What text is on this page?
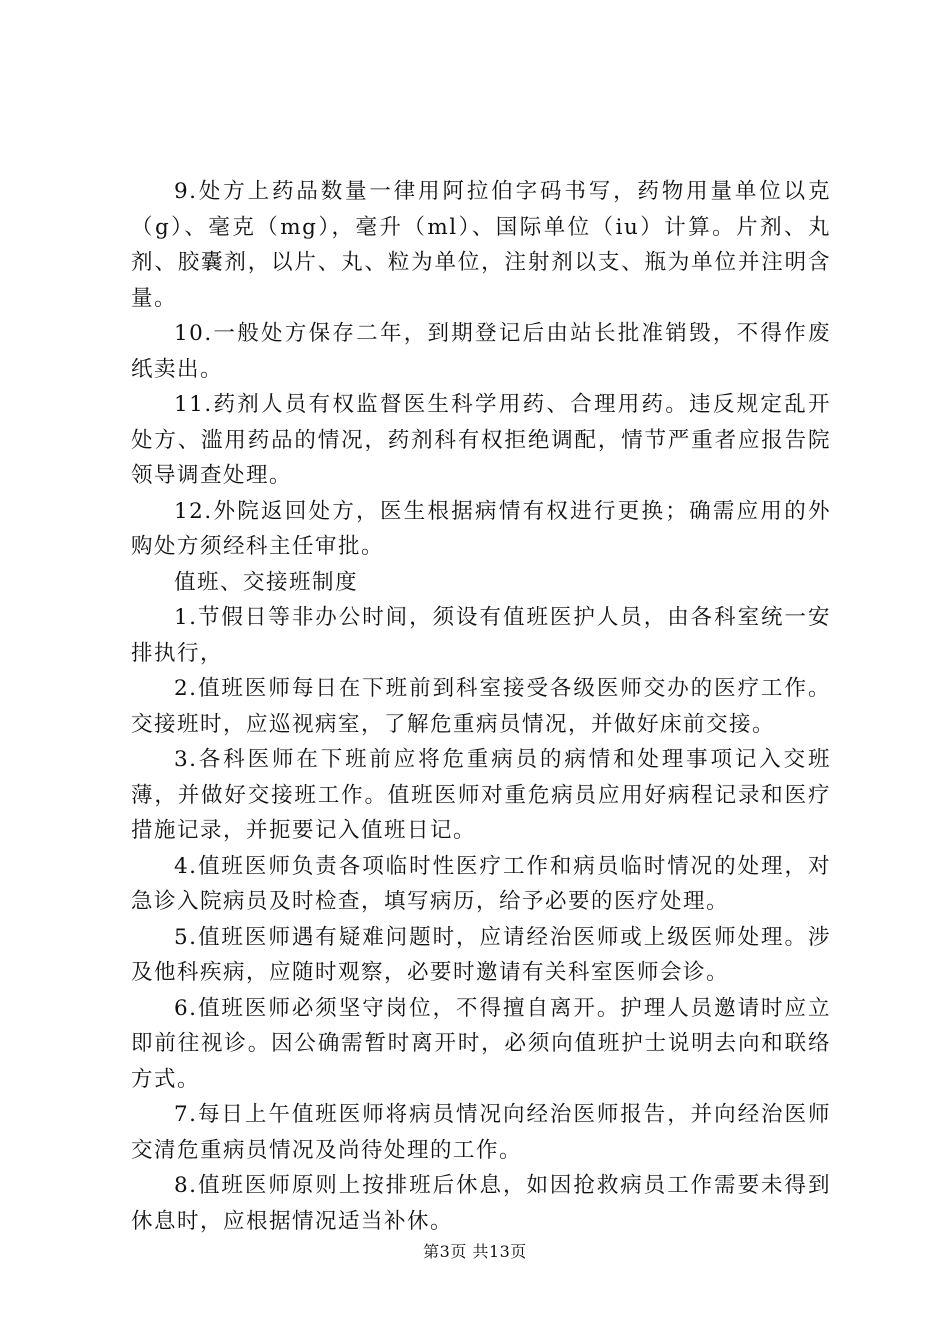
9.处方上药品数量一律用阿拉伯字码书写，药物用量单位以克（g）、毫克（mg），毫升（ml）、国际单位（iu）计算。片剂、丸剂、胶囊剂，以片、丸、粒为单位，注射剂以支、瓶为单位并注明含量。

10.一般处方保存二年，到期登记后由站长批准销毁，不得作废纸卖出。

11.药剂人员有权监督医生科学用药、合理用药。违反规定乱开处方、滥用药品的情况，药剂科有权拒绝调配，情节严重者应报告院领导调查处理。

12.外院返回处方，医生根据病情有权进行更换；确需应用的外购处方须经科主任审批。

值班、交接班制度

1.节假日等非办公时间，须设有值班医护人员，由各科室统一安排执行，

2.值班医师每日在下班前到科室接受各级医师交办的医疗工作。交接班时，应巡视病室，了解危重病员情况，并做好床前交接。

3.各科医师在下班前应将危重病员的病情和处理事项记入交班薄，并做好交接班工作。值班医师对重危病员应用好病程记录和医疗措施记录，并扼要记入值班日记。

4.值班医师负责各项临时性医疗工作和病员临时情况的处理，对急诊入院病员及时检查，填写病历，给予必要的医疗处理。

5.值班医师遇有疑难问题时，应请经治医师或上级医师处理。涉及他科疾病，应随时观察，必要时邀请有关科室医师会诊。

6.值班医师必须坚守岗位，不得擅自离开。护理人员邀请时应立即前往视诊。因公确需暂时离开时，必须向值班护士说明去向和联络方式。

7.每日上午值班医师将病员情况向经治医师报告，并向经治医师交清危重病员情况及尚待处理的工作。

8.值班医师原则上按排班后休息，如因抢救病员工作需要未得到休息时，应根据情况适当补休。

第3页 共13页
